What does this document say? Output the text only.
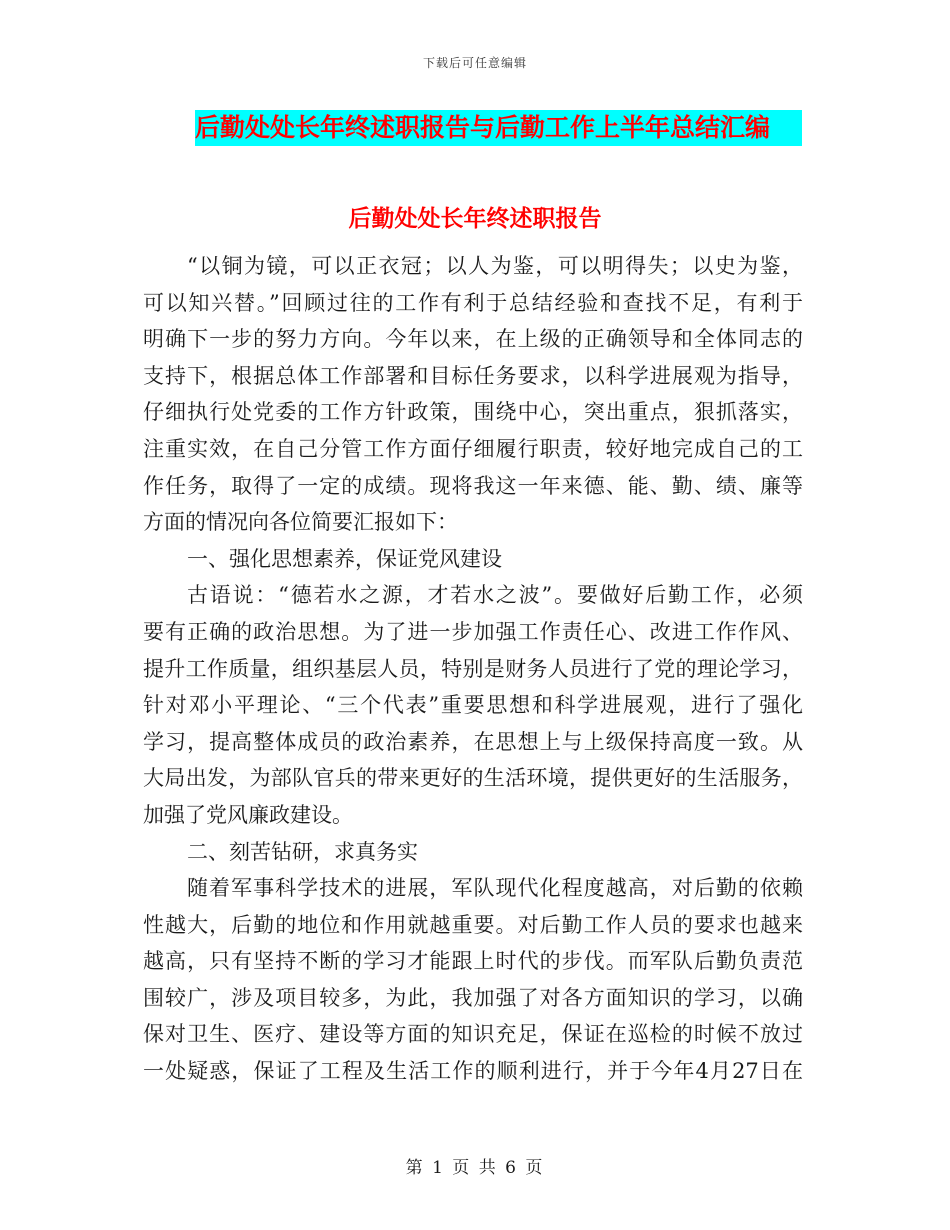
下载后可任意编辑
后勤处处长年终述职报告与后勤工作上半年总结汇编
后勤处处长年终述职报告
“以铜为镜，可以正衣冠；以人为鉴，可以明得失；以史为鉴，
可以知兴替。”回顾过往的工作有利于总结经验和查找不足，有利于
明确下一步的努力方向。今年以来，在上级的正确领导和全体同志的
支持下，根据总体工作部署和目标任务要求，以科学进展观为指导，
仔细执行处党委的工作方针政策，围绕中心，突出重点，狠抓落实，
注重实效，在自己分管工作方面仔细履行职责，较好地完成自己的工
作任务，取得了一定的成绩。现将我这一年来德、能、勤、绩、廉等
方面的情况向各位简要汇报如下：
一、强化思想素养，保证党风建设
古语说：“德若水之源，才若水之波”。要做好后勤工作，必须
要有正确的政治思想。为了进一步加强工作责任心、改进工作作风、
提升工作质量，组织基层人员，特别是财务人员进行了党的理论学习，
针对邓小平理论、“三个代表”重要思想和科学进展观，进行了强化
学习，提高整体成员的政治素养，在思想上与上级保持高度一致。从
大局出发，为部队官兵的带来更好的生活环境，提供更好的生活服务，
加强了党风廉政建设。
二、刻苦钻研，求真务实
随着军事科学技术的进展，军队现代化程度越高，对后勤的依赖
性越大，后勤的地位和作用就越重要。对后勤工作人员的要求也越来
越高，只有坚持不断的学习才能跟上时代的步伐。而军队后勤负责范
围较广，涉及项目较多，为此，我加强了对各方面知识的学习，以确
保对卫生、医疗、建设等方面的知识充足，保证在巡检的时候不放过
一处疑惑，保证了工程及生活工作的顺利进行，并于今年4月27日在
第 1 页 共 6 页
